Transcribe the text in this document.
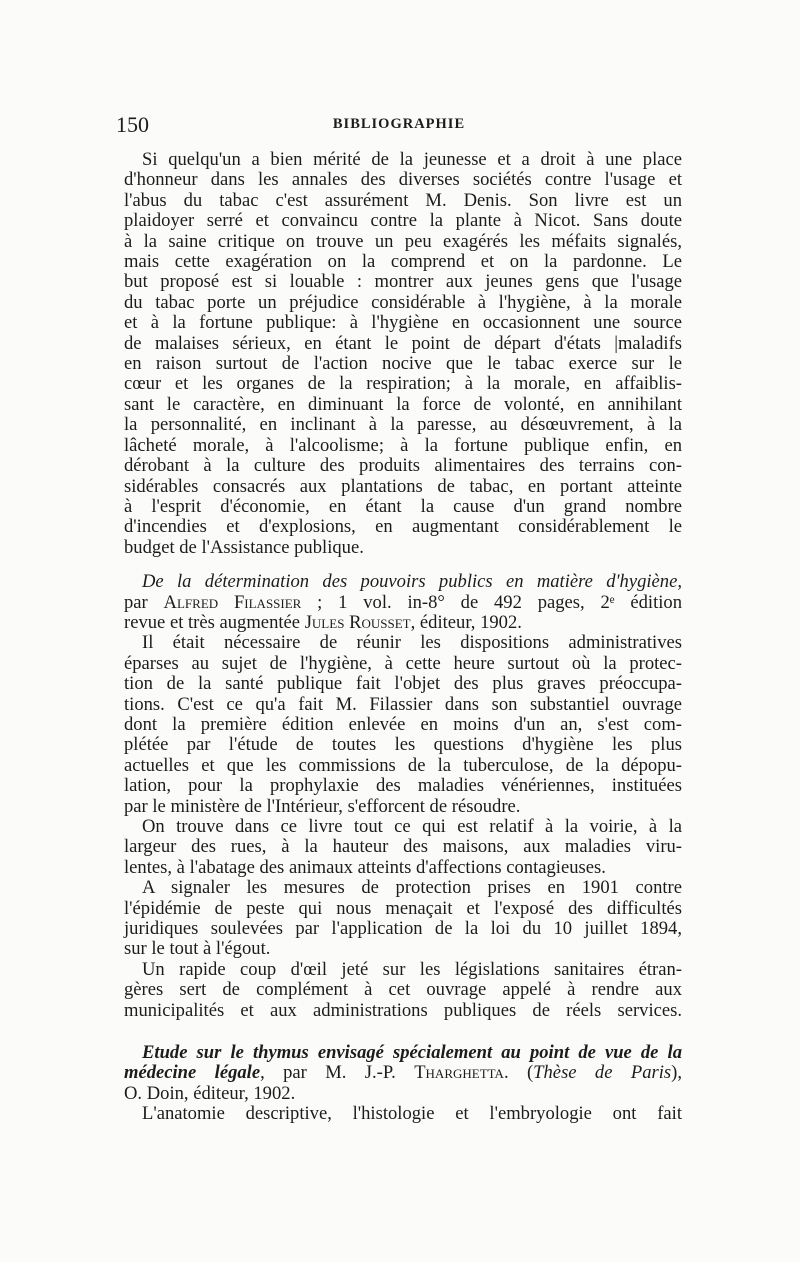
150	BIBLIOGRAPHIE

Si quelqu'un a bien mérité de la jeunesse et a droit à une place
d'honneur dans les annales des diverses sociétés contre l'usage et
l'abus du tabac c'est assurément M. Denis. Son livre est un
plaidoyer serré et convaincu contre la plante à Nicot. Sans doute
à la saine critique on trouve un peu exagérés les méfaits signalés,
mais cette exagération on la comprend et on la pardonne. Le
but proposé est si louable : montrer aux jeunes gens que l'usage
du tabac porte un préjudice considérable à l'hygiène, à la morale
et à la fortune publique: à l'hygiène en occasionnent une source
de malaises sérieux, en étant le point de départ d'états |maladifs
en raison surtout de l'action nocive que le tabac exerce sur le
cœur et les organes de la respiration; à la morale, en affaiblis-
sant le caractère, en diminuant la force de volonté, en annihilant
la personnalité, en inclinant à la paresse, au désœuvrement, à la
lâcheté morale, à l'alcoolisme; à la fortune publique enfin, en
dérobant à la culture des produits alimentaires des terrains con-
sidérables consacrés aux plantations de tabac, en portant atteinte
à l'esprit d'économie, en étant la cause d'un grand nombre
d'incendies et d'explosions, en augmentant considérablement le
budget de l'Assistance publique.

De la détermination des pouvoirs publics en matière d'hygiène,
par Alfred Filassier ; 1 vol. in-8° de 492 pages, 2ᵉ édition
revue et très augmentée Jules Rousset, éditeur, 1902.

Il était nécessaire de réunir les dispositions administratives
éparses au sujet de l'hygiène, à cette heure surtout où la protec-
tion de la santé publique fait l'objet des plus graves préoccupa-
tions. C'est ce qu'a fait M. Filassier dans son substantiel ouvrage
dont la première édition enlevée en moins d'un an, s'est com-
plétée par l'étude de toutes les questions d'hygiène les plus
actuelles et que les commissions de la tuberculose, de la dépopu-
lation, pour la prophylaxie des maladies vénériennes, instituées
par le ministère de l'Intérieur, s'efforcent de résoudre.

On trouve dans ce livre tout ce qui est relatif à la voirie, à la
largeur des rues, à la hauteur des maisons, aux maladies viru-
lentes, à l'abatage des animaux atteints d'affections contagieuses.

A signaler les mesures de protection prises en 1901 contre
l'épidémie de peste qui nous menaçait et l'exposé des difficultés
juridiques soulevées par l'application de la loi du 10 juillet 1894,
sur le tout à l'égout.

Un rapide coup d'œil jeté sur les législations sanitaires étran-
gères sert de complément à cet ouvrage appelé à rendre aux
municipalités et aux administrations publiques de réels services.

Etude sur le thymus envisagé spécialement au point de vue de la
médecine légale, par M. J.-P. Tharghetta. (Thèse de Paris),
O. Doin, éditeur, 1902.

L'anatomie descriptive, l'histologie et l'embryologie ont fait
